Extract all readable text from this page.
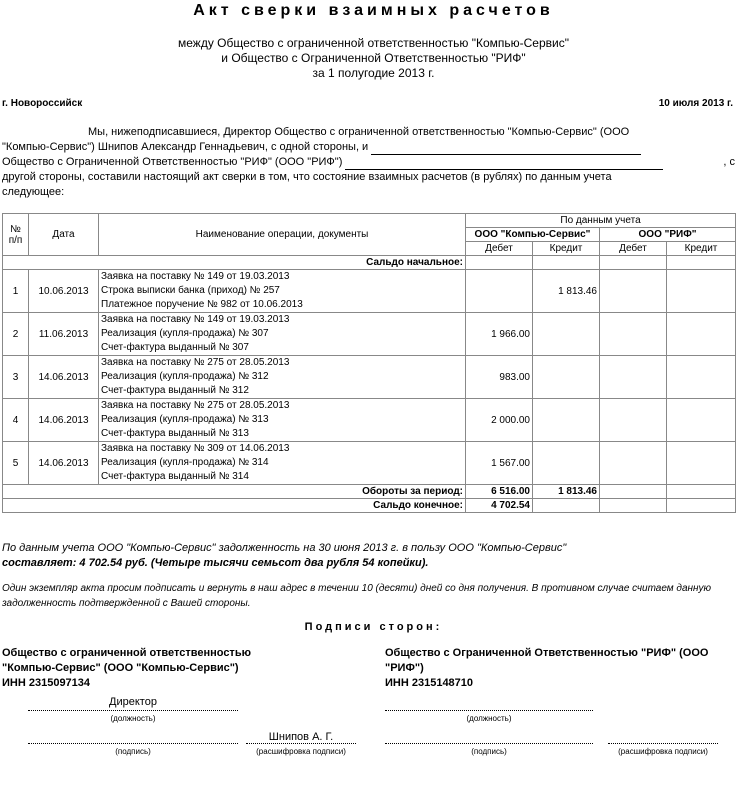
Акт сверки взаимных расчетов
между Общество с ограниченной ответственностью "Компью-Сервис"
и Общество с Ограниченной Ответственностью "РИФ"
за 1 полугодие 2013 г.
г. Новороссийск	10 июля 2013 г.
Мы, нижеподписавшиеся, Директор Общество с ограниченной ответственностью "Компью-Сервис" (ООО
"Компью-Сервис") Шнипов Александр Геннадьевич, с одной стороны, и
Общество с Ограниченной Ответственностью "РИФ" (ООО "РИФ")	, с
другой стороны, составили настоящий акт сверки в том, что состояние взаимных расчетов (в рублях) по данным учета
следующее:
№ п/п	Дата	Наименование операции, документы	По данным учета			
			ООО "Компью-Сервис"		ООО "РИФ"	
			Дебет	Кредит	Дебет	Кредит
Сальдо начальное:						
1	10.06.2013	Заявка на поставку № 149 от 19.03.2013
Строка выписки банка (приход) № 257
Платежное поручение № 982 от 10.06.2013		1 813.46		
2	11.06.2013	Заявка на поставку № 149 от 19.03.2013
Реализация (купля-продажа) № 307
Счет-фактура выданный № 307	1 966.00			
3	14.06.2013	Заявка на поставку № 275 от 28.05.2013
Реализация (купля-продажа) № 312
Счет-фактура выданный № 312	983.00			
4	14.06.2013	Заявка на поставку № 275 от 28.05.2013
Реализация (купля-продажа) № 313
Счет-фактура выданный № 313	2 000.00			
5	14.06.2013	Заявка на поставку № 309 от 14.06.2013
Реализация (купля-продажа) № 314
Счет-фактура выданный № 314	1 567.00			
Обороты за период:			6 516.00	1 813.46		
Сальдо конечное:			4 702.54			
По данным учета ООО "Компью-Сервис" задолженность на 30 июня 2013 г. в пользу ООО "Компью-Сервис"
составляет: 4 702.54 руб. (Четыре тысячи семьсот два рубля 54 копейки).
Один экземпляр акта просим подписать и вернуть в наш адрес в течении 10 (десяти) дней со дня получения. В противном случае считаем данную задолженность подтвержденной с Вашей стороны.
Подписи сторон:
Общество с ограниченной ответственностью
"Компью-Сервис" (ООО "Компью-Сервис")
ИНН 2315097134
Общество с Ограниченной Ответственностью "РИФ" (ООО
"РИФ")
ИНН 2315148710
Директор
(должность)
(подпись)
Шнипов А. Г.
(расшифровка подписи)
(должность)
(подпись)	(расшифровка подписи)
